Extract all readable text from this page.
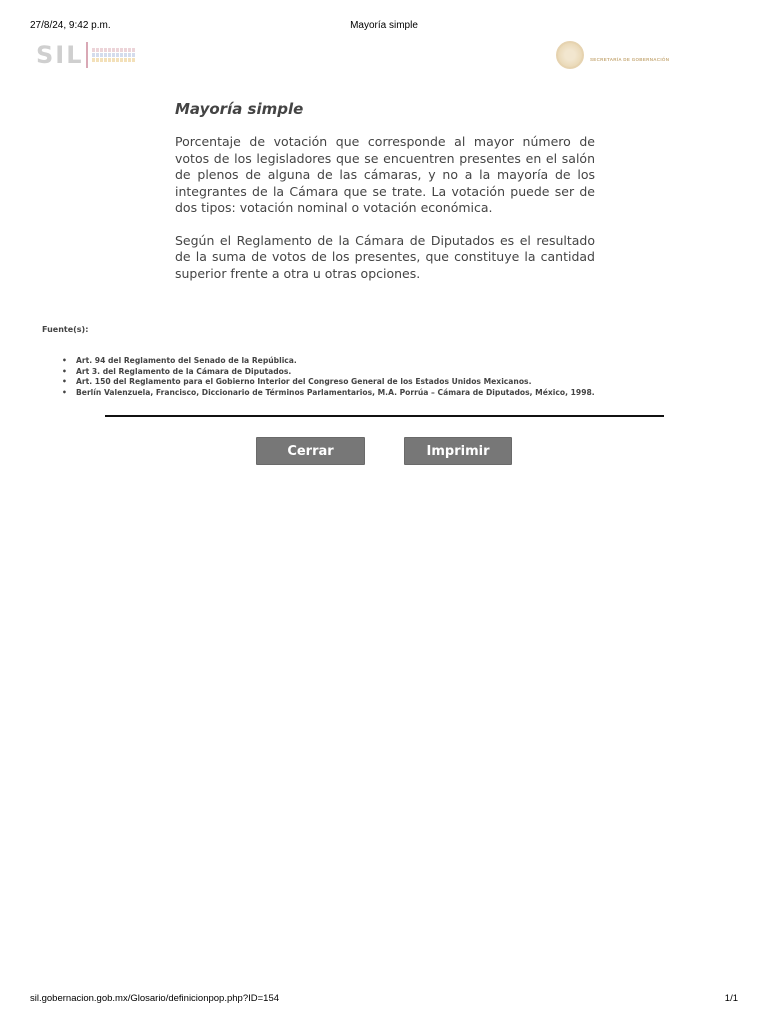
27/8/24, 9:42 p.m.	Mayoría simple
SIL	SECRETARÍA DE GOBERNACIÓN
Mayoría simple

Porcentaje de votación que corresponde al mayor número de votos de los legisladores que se encuentren presentes en el salón de plenos de alguna de las cámaras, y no a la mayoría de los integrantes de la Cámara que se trate. La votación puede ser de dos tipos: votación nominal o votación económica.

Según el Reglamento de la Cámara de Diputados es el resultado de la suma de votos de los presentes, que constituye la cantidad superior frente a otra u otras opciones.

Fuente(s):
• Art. 94 del Reglamento del Senado de la República.
• Art 3. del Reglamento de la Cámara de Diputados.
• Art. 150 del Reglamento para el Gobierno Interior del Congreso General de los Estados Unidos Mexicanos.
• Berlín Valenzuela, Francisco, Diccionario de Términos Parlamentarios, M.A. Porrúa – Cámara de Diputados, México, 1998.
Cerrar	Imprimir
sil.gobernacion.gob.mx/Glosario/definicionpop.php?ID=154	1/1
